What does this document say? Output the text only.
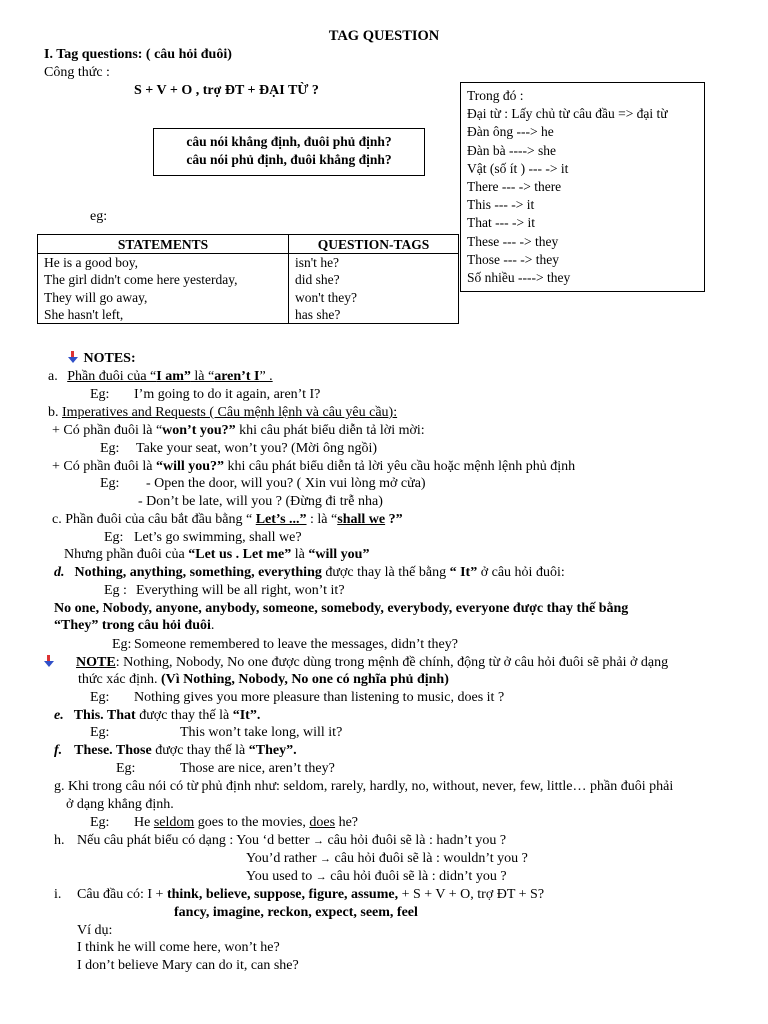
TAG QUESTION
I. Tag questions: ( câu hỏi đuôi)
Công thức :
S + V + O , trợ ĐT + ĐẠI TỪ ?
câu nói khẳng định, đuôi phủ định?
câu nói phủ định, đuôi khẳng định?
Trong đó :
Đại từ : Lấy chủ từ câu đầu => đại từ
Đàn ông ---> he
Đàn bà ----> she
Vật (số ít ) --- -> it
There --- -> there
This --- -> it
That --- -> it
These --- -> they
Those --- -> they
Số nhiều ----> they
eg:
STATEMENTS	QUESTION-TAGS
He is a good boy,	isn't he?
The girl didn't come here yesterday,	did she?
They will go away,	won't they?
She hasn't left,	has she?
NOTES:
a. Phần đuôi của “I am” là “aren’t I” .
Eg: I’m going to do it again, aren’t I?
b. Imperatives and Requests ( Câu mệnh lệnh và câu yêu cầu):
+ Có phần đuôi là “won’t you?” khi câu phát biểu diễn tả lời mời:
Eg: Take your seat, won’t you? (Mời ông ngồi)
+ Có phần đuôi là “will you?” khi câu phát biểu diễn tả lời yêu cầu hoặc mệnh lệnh phủ định
Eg: - Open the door, will you? ( Xin vui lòng mở cửa)
- Don’t be late, will you ? (Đừng đi trễ nha)
c. Phần đuôi của câu bắt đầu bằng “ Let’s ...” : là “shall we ?”
Eg: Let’s go swimming, shall we?
Nhưng phần đuôi của “Let us . Let me” là “will you”
d. Nothing, anything, something, everything được thay là thế bằng “ It” ở câu hỏi đuôi:
Eg : Everything will be all right, won’t it?
No one, Nobody, anyone, anybody, someone, somebody, everybody, everyone được thay thế bằng
“They” trong câu hỏi đuôi.
Eg: Someone remembered to leave the messages, didn’t they?
NOTE: Nothing, Nobody, No one được dùng trong mệnh đề chính, động từ ở câu hỏi đuôi sẽ phải ở dạng
thức xác định. (Vì Nothing, Nobody, No one có nghĩa phủ định)
Eg: Nothing gives you more pleasure than listening to music, does it ?
e. This. That được thay thế là “It”.
Eg:	This won’t take long, will it?
f. These. Those được thay thế là “They”.
Eg:	Those are nice, aren’t they?
g. Khi trong câu nói có từ phủ định như: seldom, rarely, hardly, no, without, never, few, little… phần đuôi phải
ở dạng khẳng định.
Eg: He seldom goes to the movies, does he?
h. Nếu câu phát biểu có dạng : You ‘d better → câu hỏi đuôi sẽ là : hadn’t you ?
You’d rather → câu hỏi đuôi sẽ là : wouldn’t you ?
You used to → câu hỏi đuôi sẽ là : didn’t you ?
i. Câu đầu có: I + think, believe, suppose, figure, assume, + S + V + O, trợ ĐT + S?
fancy, imagine, reckon, expect, seem, feel
Ví dụ:
I think he will come here, won’t he?
I don’t believe Mary can do it, can she?
